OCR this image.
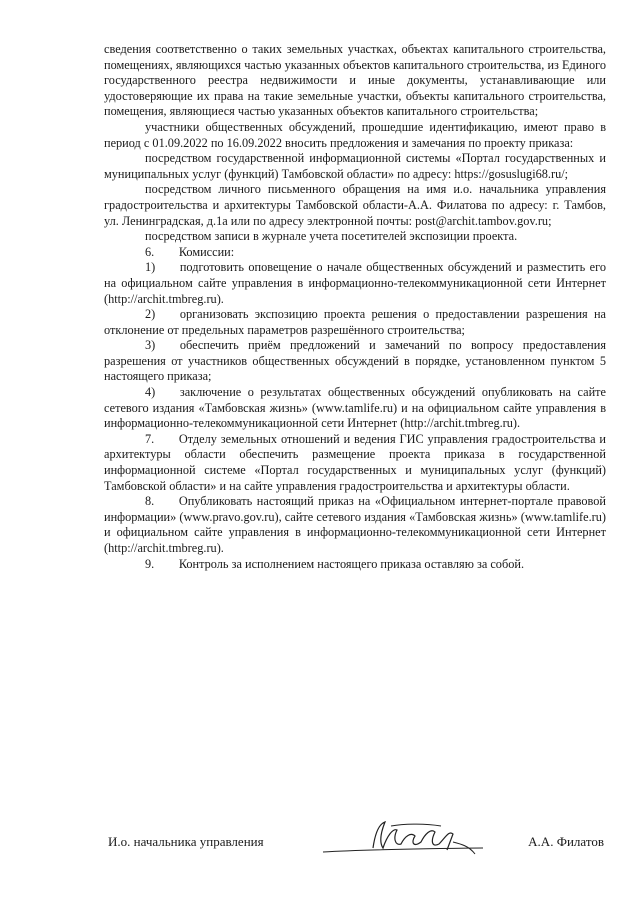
сведения соответственно о таких земельных участках, объектах капитального строительства, помещениях, являющихся частью указанных объектов капитального строительства, из Единого государственного реестра недвижимости и иные документы, устанавливающие или удостоверяющие их права на такие земельные участки, объекты капитального строительства, помещения, являющиеся частью указанных объектов капитального строительства;

участники общественных обсуждений, прошедшие идентификацию, имеют право в период с 01.09.2022 по 16.09.2022 вносить предложения и замечания по проекту приказа:

посредством государственной информационной системы «Портал государственных и муниципальных услуг (функций) Тамбовской области» по адресу: https://gosuslugi68.ru/;

посредством личного письменного обращения на имя и.о. начальника управления градостроительства и архитектуры Тамбовской области-А.А. Филатова по адресу: г. Тамбов, ул. Ленинградская, д.1а или по адресу электронной почты: post@archit.tambov.gov.ru;

посредством записи в журнале учета посетителей экспозиции проекта.

6.  Комиссии:

1)  подготовить оповещение о начале общественных обсуждений и разместить его на официальном сайте управления в информационно-телекоммуникационной сети Интернет (http://archit.tmbreg.ru).

2)  организовать экспозицию проекта решения о предоставлении разрешения на отклонение от предельных параметров разрешённого строительства;

3)  обеспечить приём предложений и замечаний по вопросу предоставления разрешения от участников общественных обсуждений в порядке, установленном пунктом 5 настоящего приказа;

4)  заключение о результатах общественных обсуждений опубликовать на сайте сетевого издания «Тамбовская жизнь» (www.tamlife.ru) и на официальном сайте управления в информационно-телекоммуникационной сети Интернет (http://archit.tmbreg.ru).

7.  Отделу земельных отношений и ведения ГИС управления градостроительства и архитектуры области обеспечить размещение проекта приказа в государственной информационной системе «Портал государственных и муниципальных услуг (функций) Тамбовской области» и на сайте управления градостроительства и архитектуры области.

8.  Опубликовать настоящий приказ на «Официальном интернет-портале правовой информации» (www.pravo.gov.ru), сайте сетевого издания «Тамбовская жизнь» (www.tamlife.ru) и официальном сайте управления в информационно-телекоммуникационной сети Интернет (http://archit.tmbreg.ru).

9.  Контроль за исполнением настоящего приказа оставляю за собой.

И.о. начальника управления	А.А. Филатов
